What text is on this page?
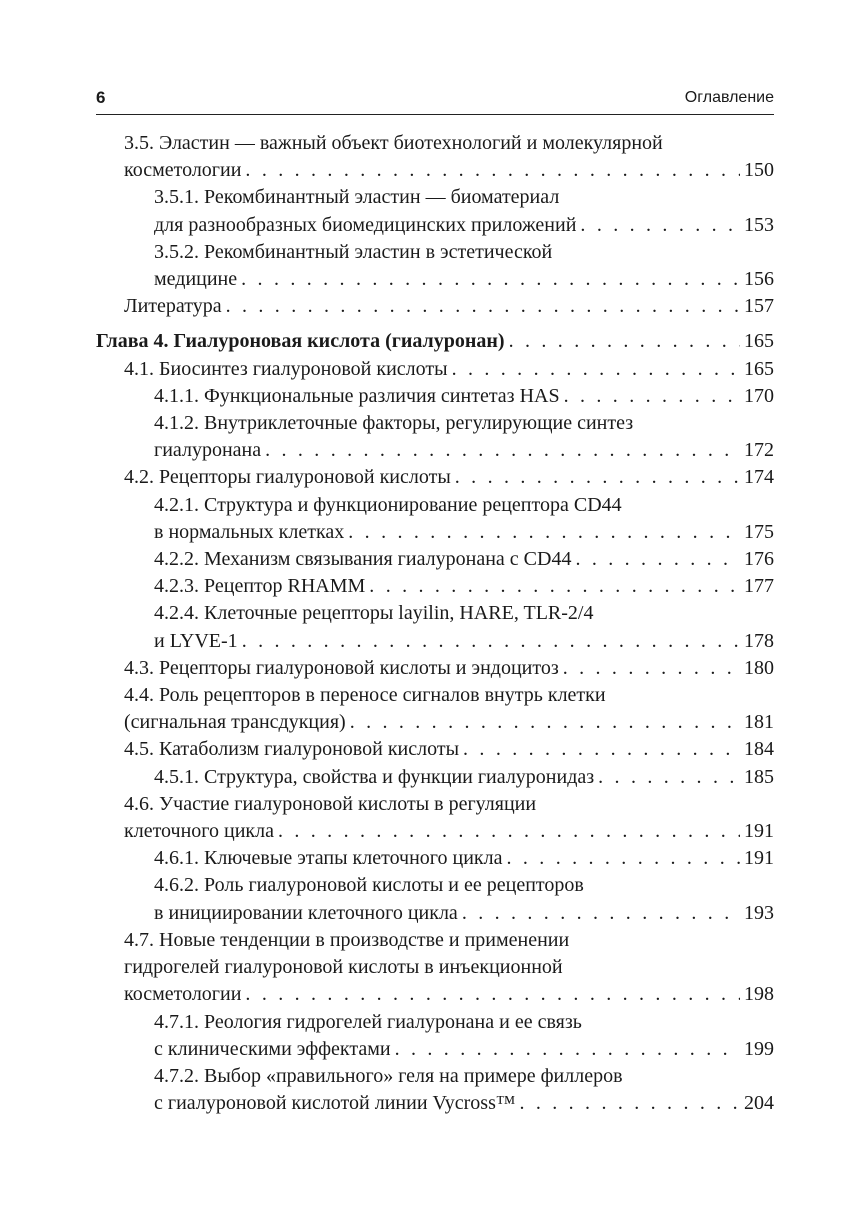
6	Оглавление
3.5. Эластин — важный объект биотехнологий и молекулярной
косметологии . . .	150
3.5.1. Рекомбинантный эластин — биоматериал
для разнообразных биомедицинских приложений . . .	153
3.5.2. Рекомбинантный эластин в эстетической
медицине . . .	156
Литература . . .	157
Глава 4. Гиалуроновая кислота (гиалуронан) . . .	165
4.1. Биосинтез гиалуроновой кислоты . . .	165
4.1.1. Функциональные различия синтетаз HAS . . .	170
4.1.2. Внутриклеточные факторы, регулирующие синтез
гиалуронана . . .	172
4.2. Рецепторы гиалуроновой кислоты . . .	174
4.2.1. Структура и функционирование рецептора CD44
в нормальных клетках . . .	175
4.2.2. Механизм связывания гиалуронана с CD44 . . .	176
4.2.3. Рецептор RHAMM . . .	177
4.2.4. Клеточные рецепторы layilin, HARE, TLR-2/4
и LYVE-1 . . .	178
4.3. Рецепторы гиалуроновой кислоты и эндоцитоз . . .	180
4.4. Роль рецепторов в переносе сигналов внутрь клетки
(сигнальная трансдукция) . . .	181
4.5. Катаболизм гиалуроновой кислоты . . .	184
4.5.1. Структура, свойства и функции гиалуронидаз . . .	185
4.6. Участие гиалуроновой кислоты в регуляции
клеточного цикла . . .	191
4.6.1. Ключевые этапы клеточного цикла . . .	191
4.6.2. Роль гиалуроновой кислоты и ее рецепторов
в инициировании клеточного цикла . . .	193
4.7. Новые тенденции в производстве и применении
гидрогелей гиалуроновой кислоты в инъекционной
косметологии . . .	198
4.7.1. Реология гидрогелей гиалуронана и ее связь
с клиническими эффектами . . .	199
4.7.2. Выбор «правильного» геля на примере филлеров
с гиалуроновой кислотой линии Vycross™ . . .	204
